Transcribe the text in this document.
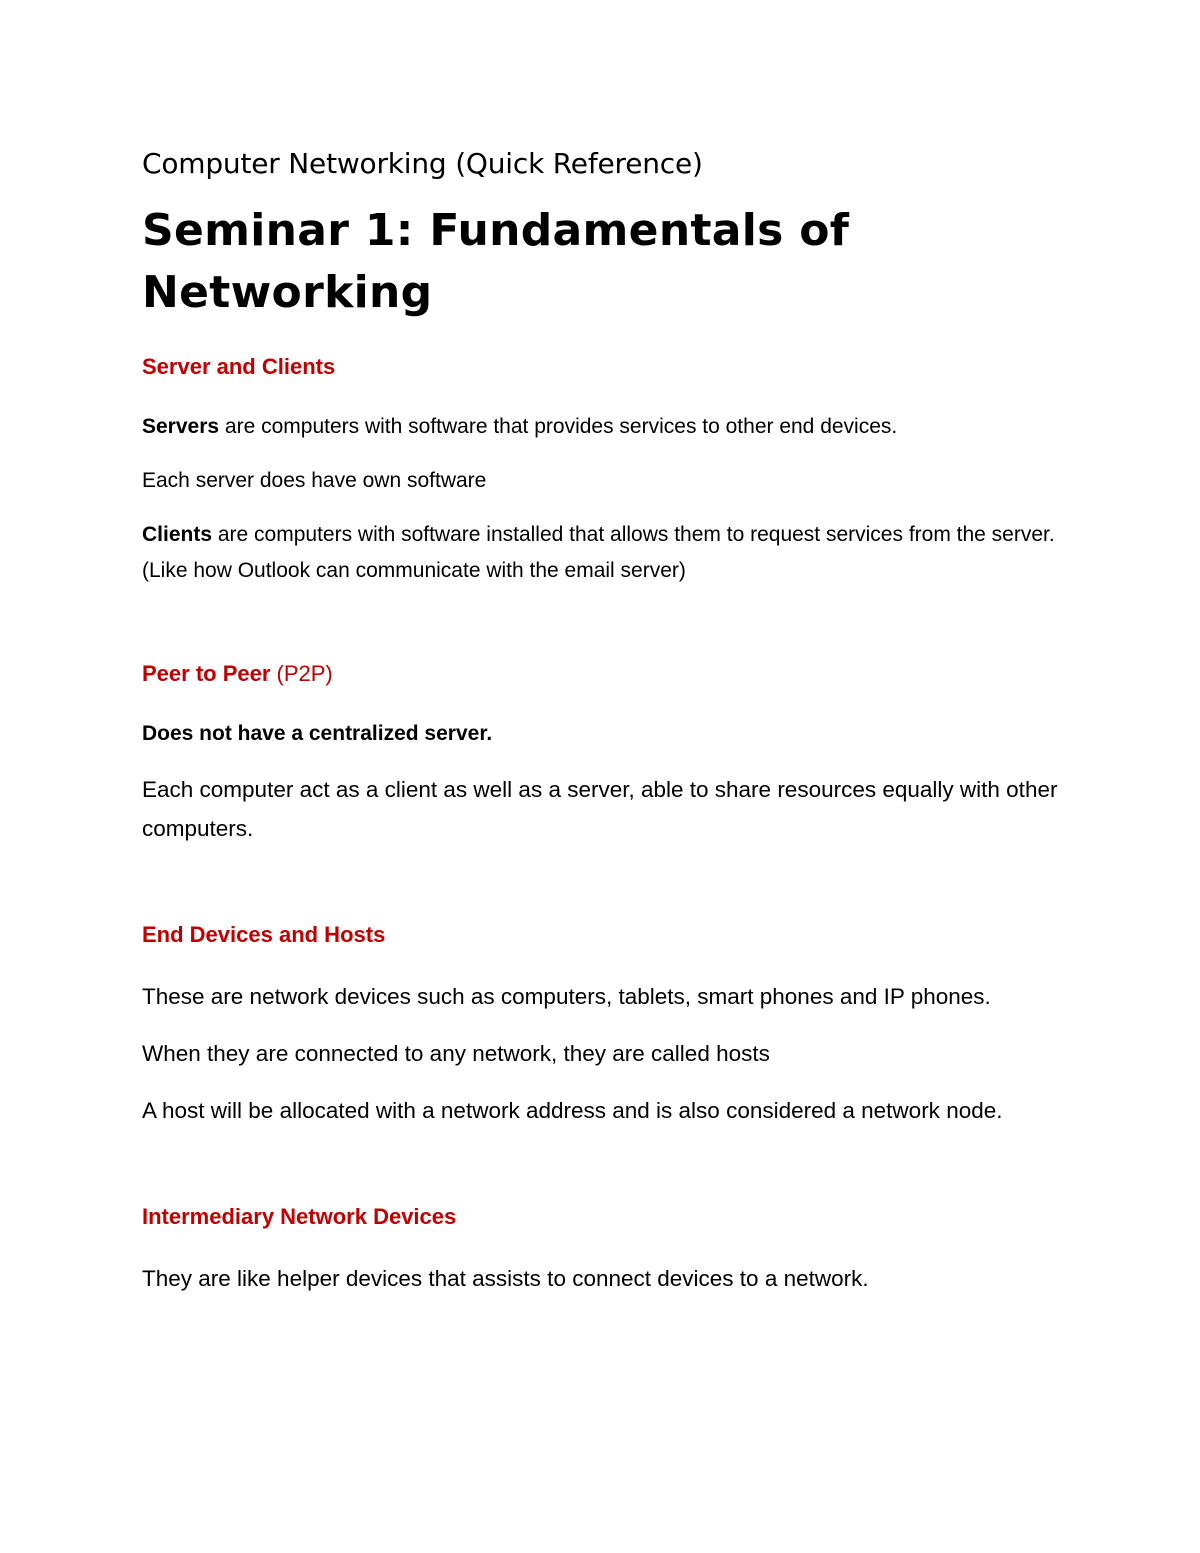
Computer Networking (Quick Reference)
Seminar 1: Fundamentals of Networking
Server and Clients
Servers are computers with software that provides services to other end devices.
Each server does have own software
Clients are computers with software installed that allows them to request services from the server. (Like how Outlook can communicate with the email server)
Peer to Peer (P2P)
Does not have a centralized server.
Each computer act as a client as well as a server, able to share resources equally with other computers.
End Devices and Hosts
These are network devices such as computers, tablets, smart phones and IP phones.
When they are connected to any network, they are called hosts
A host will be allocated with a network address and is also considered a network node.
Intermediary Network Devices
They are like helper devices that assists to connect devices to a network.
